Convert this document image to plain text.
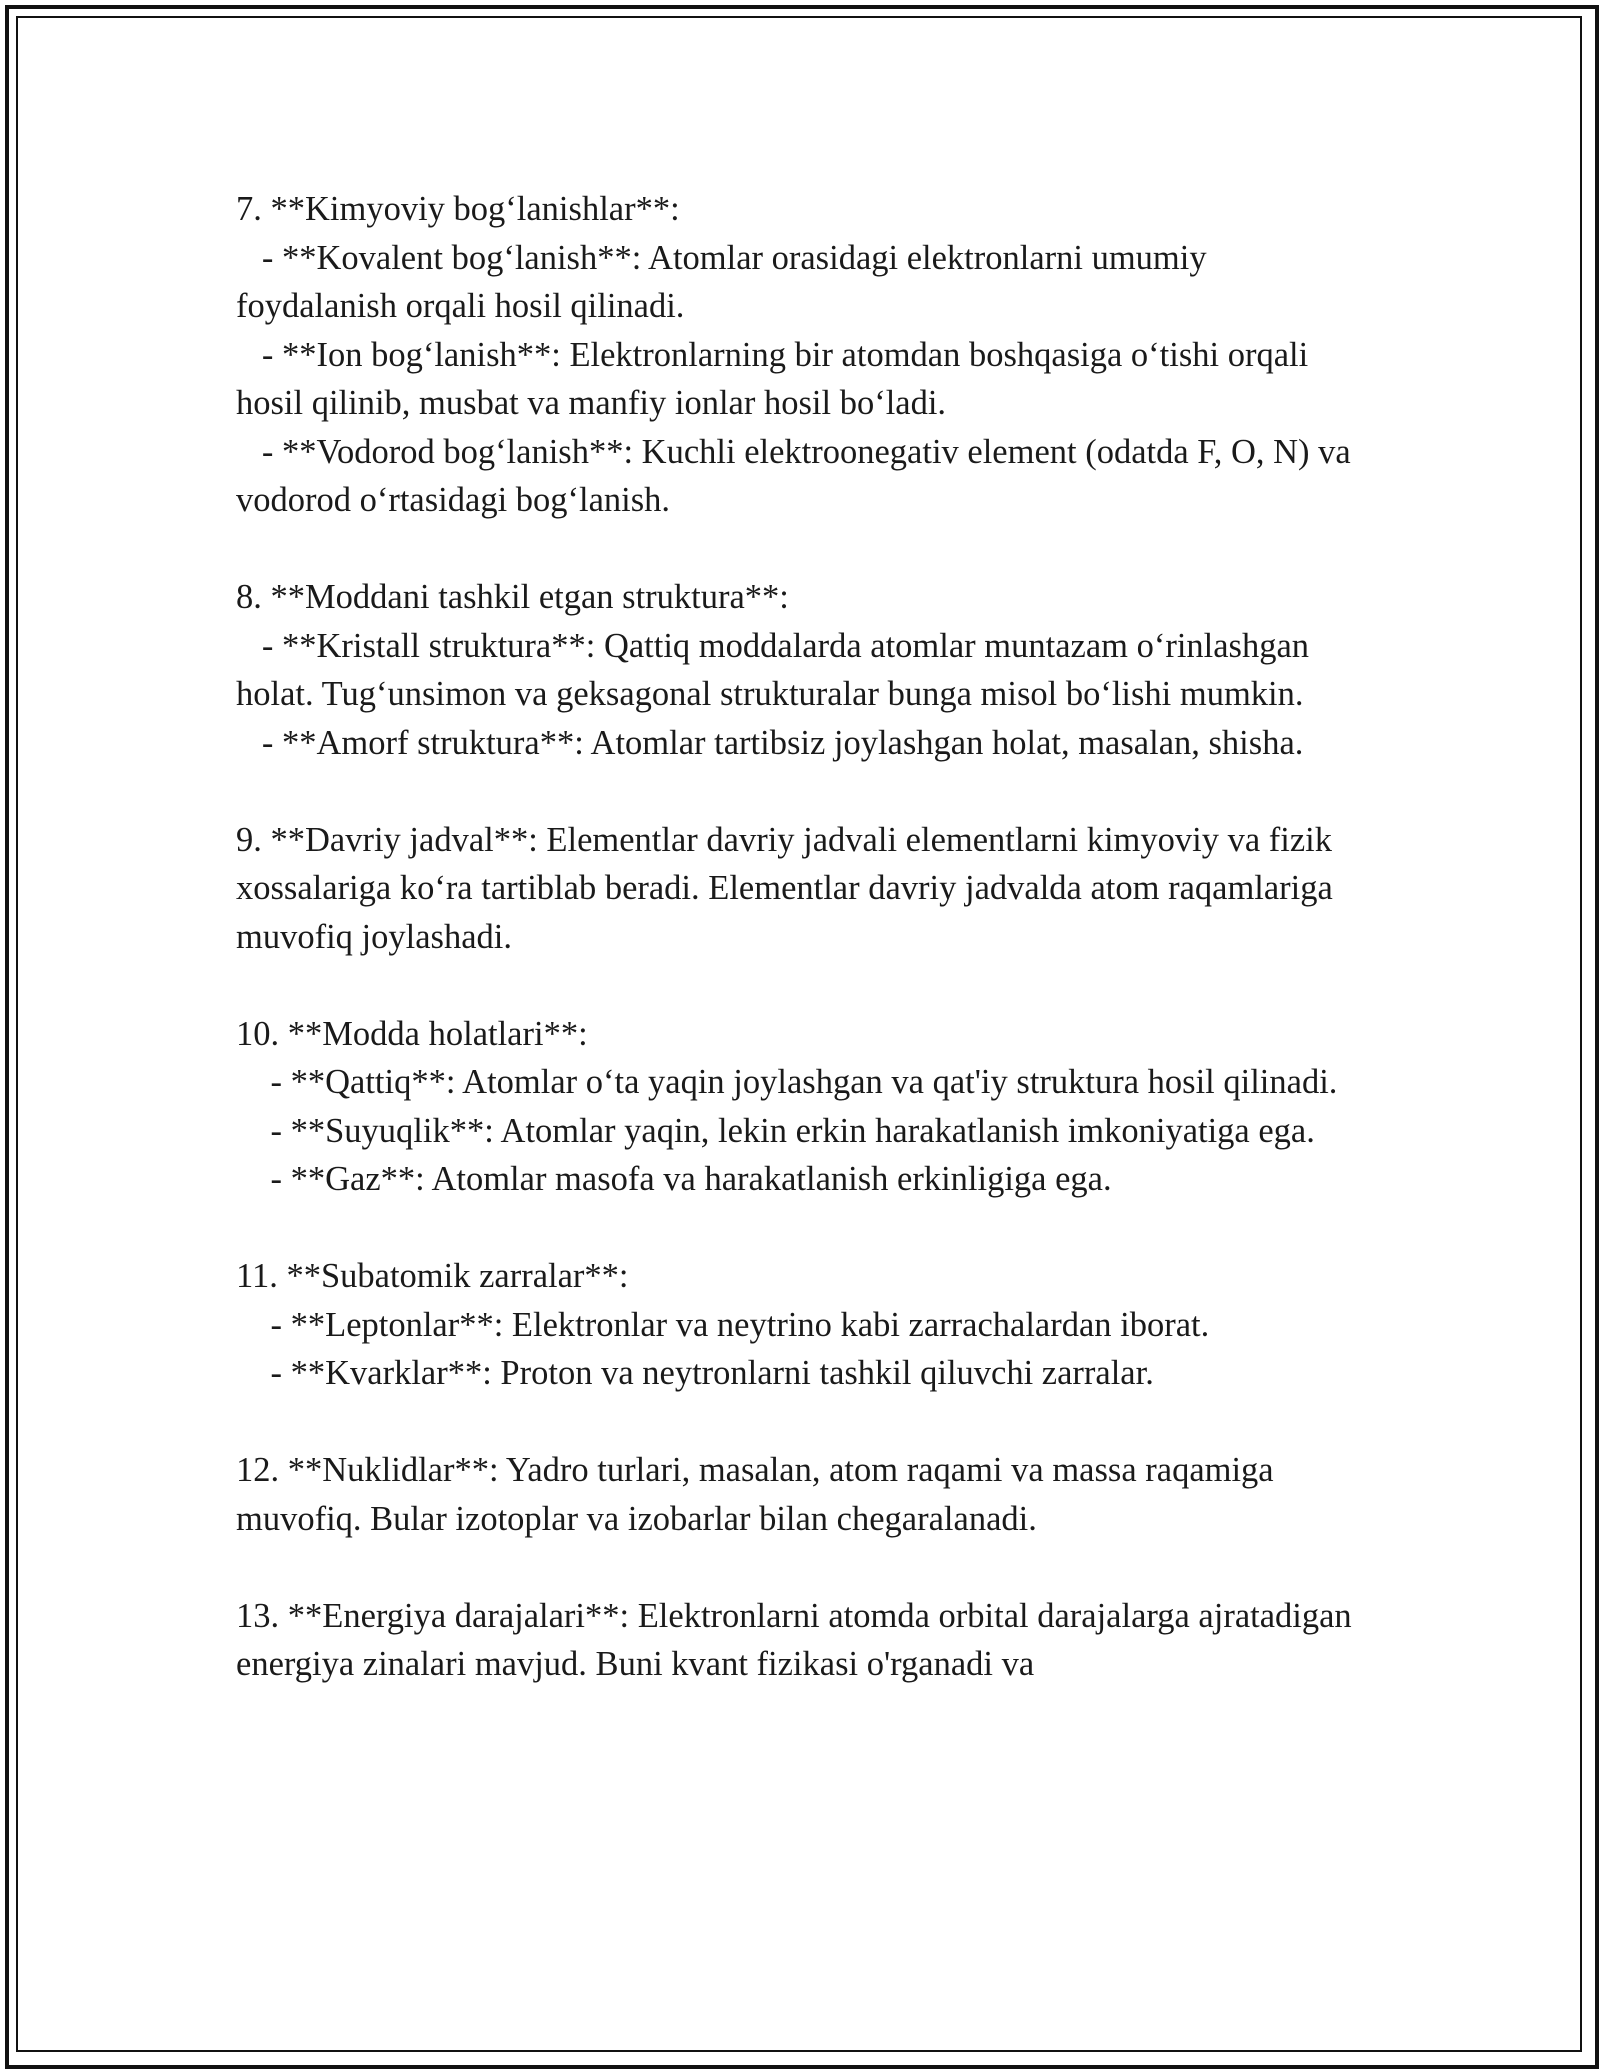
7. **Kimyoviy bog‘lanishlar**:
- **Kovalent bog‘lanish**: Atomlar orasidagi elektronlarni umumiy foydalanish orqali hosil qilinadi.
- **Ion bog‘lanish**: Elektronlarning bir atomdan boshqasiga o‘tishi orqali hosil qilinib, musbat va manfiy ionlar hosil bo‘ladi.
- **Vodorod bog‘lanish**: Kuchli elektroonegativ element (odatda F, O, N) va vodorod o‘rtasidagi bog‘lanish.
8. **Moddani tashkil etgan struktura**:
- **Kristall struktura**: Qattiq moddalarda atomlar muntazam o‘rinlashgan holat. Tug‘unsimon va geksagonal strukturalar bunga misol bo‘lishi mumkin.
- **Amorf struktura**: Atomlar tartibsiz joylashgan holat, masalan, shisha.
9. **Davriy jadval**: Elementlar davriy jadvali elementlarni kimyoviy va fizik xossalariga ko‘ra tartiblab beradi. Elementlar davriy jadvalda atom raqamlariga muvofiq joylashadi.
10. **Modda holatlari**:
- **Qattiq**: Atomlar o‘ta yaqin joylashgan va qat'iy struktura hosil qilinadi.
- **Suyuqlik**: Atomlar yaqin, lekin erkin harakatlanish imkoniyatiga ega.
- **Gaz**: Atomlar masofa va harakatlanish erkinligiga ega.
11. **Subatomik zarralar**:
- **Leptonlar**: Elektronlar va neytrino kabi zarrachalardan iborat.
- **Kvarklar**: Proton va neytronlarni tashkil qiluvchi zarralar.
12. **Nuklidlar**: Yadro turlari, masalan, atom raqami va massa raqamiga muvofiq. Bular izotoplar va izobarlar bilan chegaralanadi.
13. **Energiya darajalari**: Elektronlarni atomda orbital darajalarga ajratadigan energiya zinalari mavjud. Buni kvant fizikasi o'rganadi va
